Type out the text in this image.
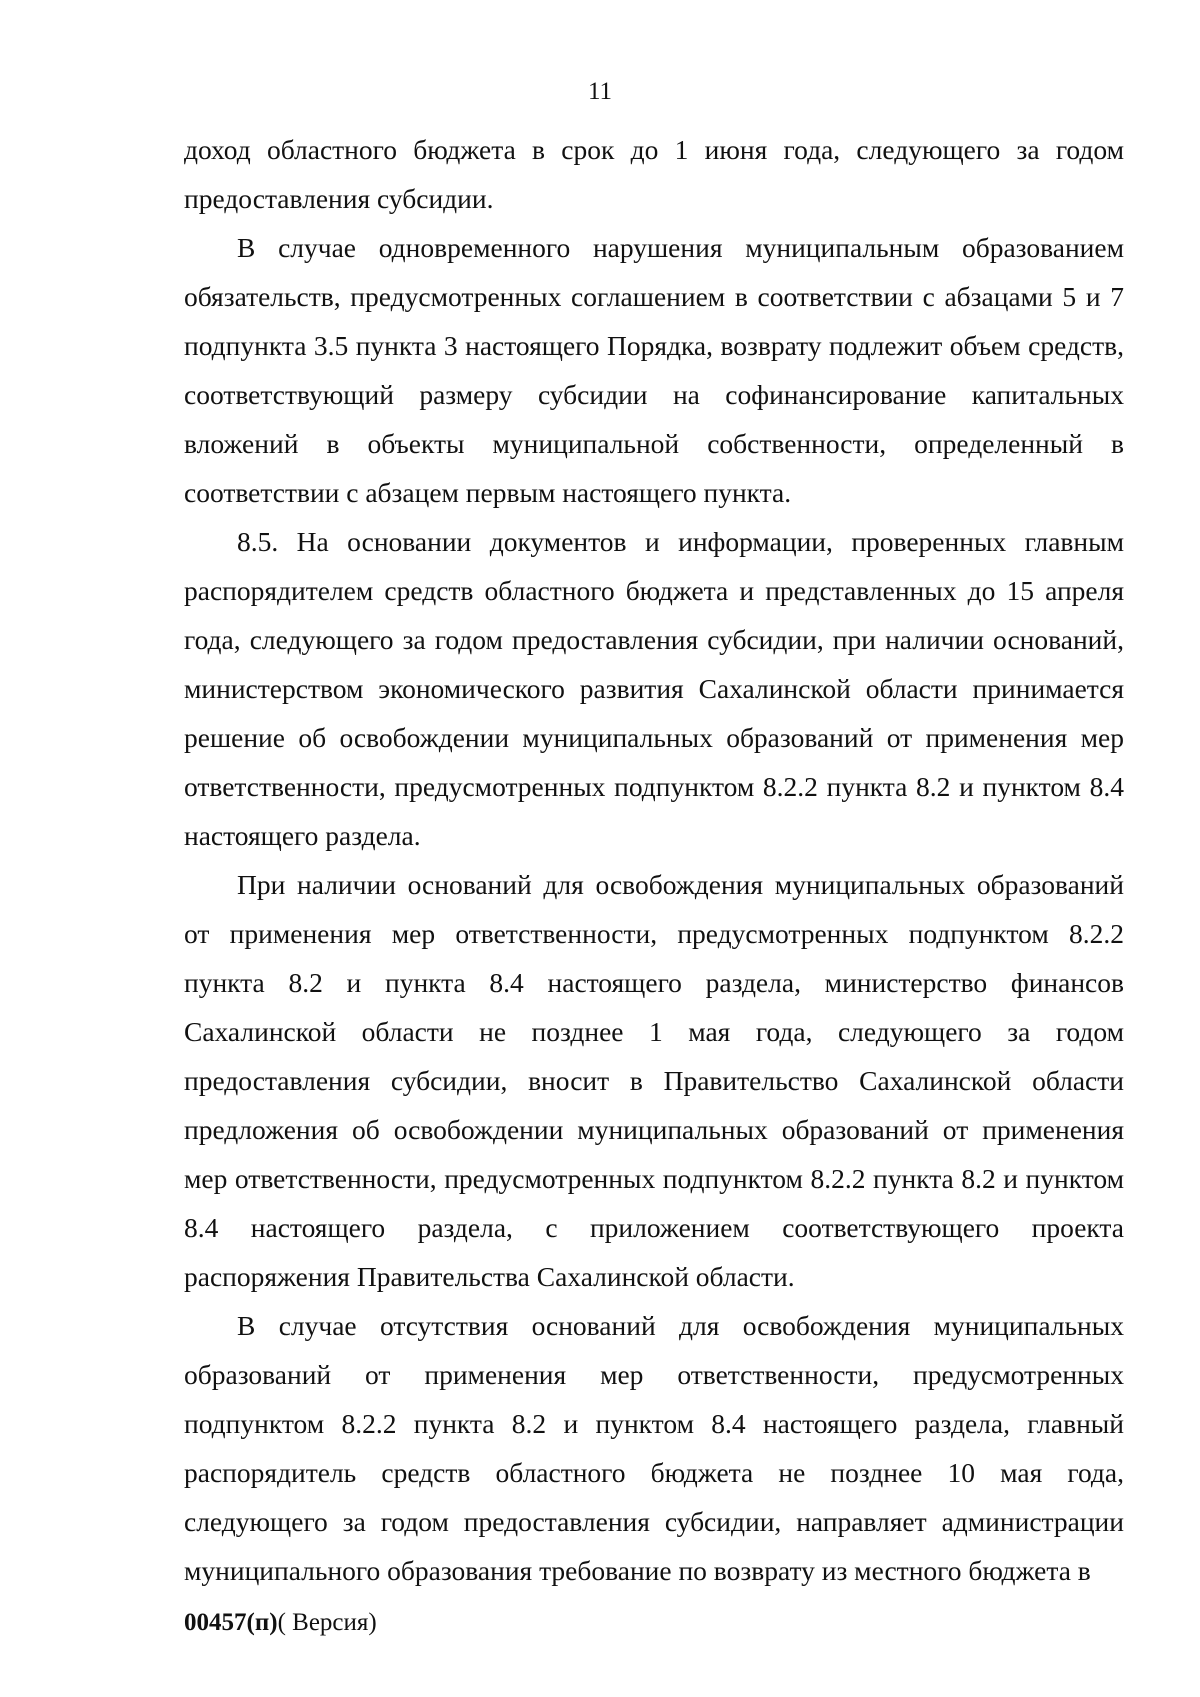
11

доход областного бюджета в срок до 1 июня года, следующего за годом предоставления субсидии.

В случае одновременного нарушения муниципальным образованием обязательств, предусмотренных соглашением в соответствии с абзацами 5 и 7 подпункта 3.5 пункта 3 настоящего Порядка, возврату подлежит объем средств, соответствующий размеру субсидии на софинансирование капитальных вложений в объекты муниципальной собственности, определенный в соответствии с абзацем первым настоящего пункта.

8.5. На основании документов и информации, проверенных главным распорядителем средств областного бюджета и представленных до 15 апреля года, следующего за годом предоставления субсидии, при наличии оснований, министерством экономического развития Сахалинской области принимается решение об освобождении муниципальных образований от применения мер ответственности, предусмотренных подпунктом 8.2.2 пункта 8.2 и пунктом 8.4 настоящего раздела.

При наличии оснований для освобождения муниципальных образований от применения мер ответственности, предусмотренных подпунктом 8.2.2 пункта 8.2 и пункта 8.4 настоящего раздела, министерство финансов Сахалинской области не позднее 1 мая года, следующего за годом предоставления субсидии, вносит в Правительство Сахалинской области предложения об освобождении муниципальных образований от применения мер ответственности, предусмотренных подпунктом 8.2.2 пункта 8.2 и пунктом 8.4 настоящего раздела, с приложением соответствующего проекта распоряжения Правительства Сахалинской области.

В случае отсутствия оснований для освобождения муниципальных образований от применения мер ответственности, предусмотренных подпунктом 8.2.2 пункта 8.2 и пунктом 8.4 настоящего раздела, главный распорядитель средств областного бюджета не позднее 10 мая года, следующего за годом предоставления субсидии, направляет администрации муниципального образования требование по возврату из местного бюджета в

00457(п)( Версия)
